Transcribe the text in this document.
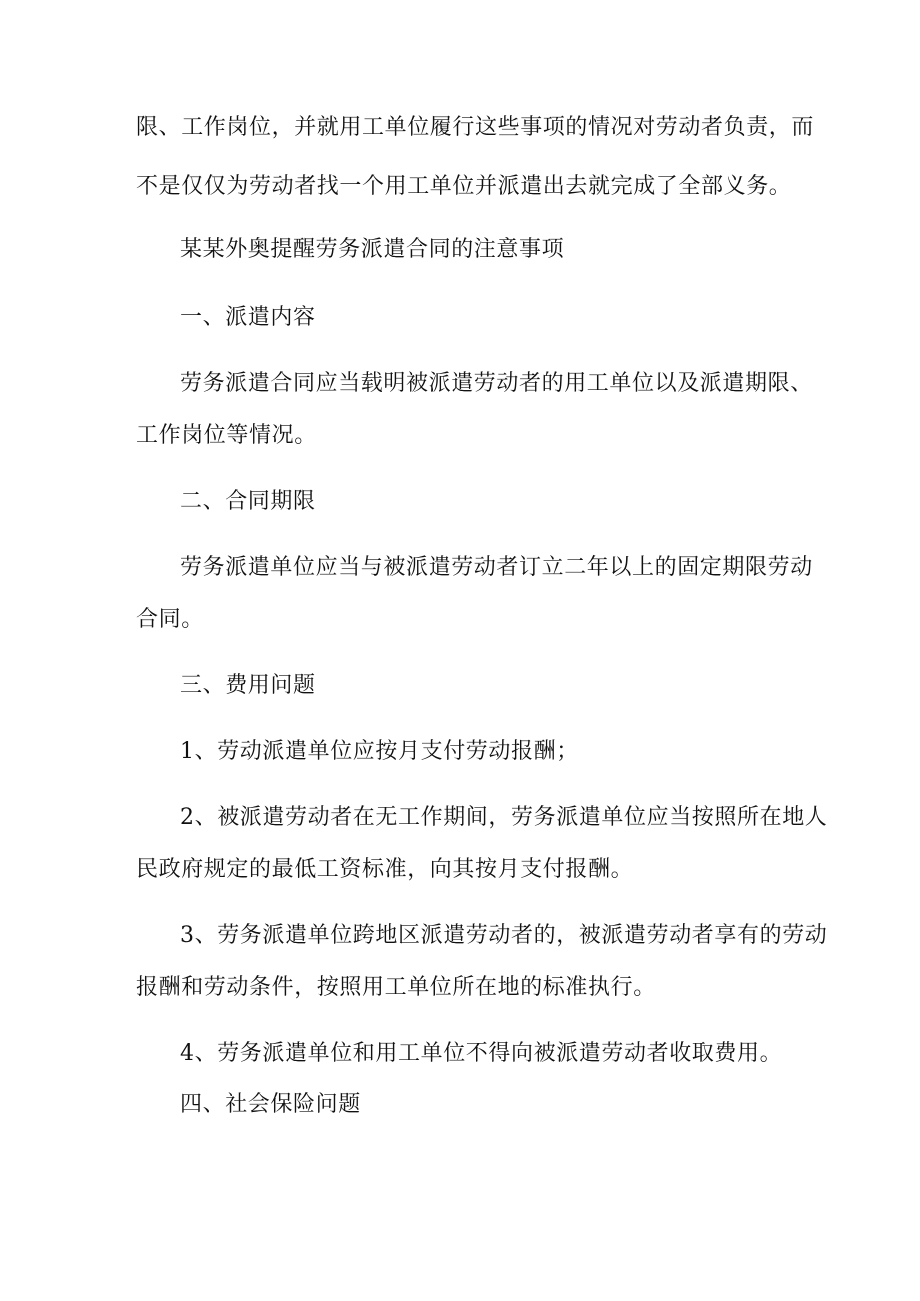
限、工作岗位，并就用工单位履行这些事项的情况对劳动者负责，而
不是仅仅为劳动者找一个用工单位并派遣出去就完成了全部义务。
某某外奥提醒劳务派遣合同的注意事项
一、派遣内容
劳务派遣合同应当载明被派遣劳动者的用工单位以及派遣期限、
工作岗位等情况。
二、合同期限
劳务派遣单位应当与被派遣劳动者订立二年以上的固定期限劳动
合同。
三、费用问题
1、劳动派遣单位应按月支付劳动报酬；
2、被派遣劳动者在无工作期间，劳务派遣单位应当按照所在地人
民政府规定的最低工资标准，向其按月支付报酬。
3、劳务派遣单位跨地区派遣劳动者的，被派遣劳动者享有的劳动
报酬和劳动条件，按照用工单位所在地的标准执行。
4、劳务派遣单位和用工单位不得向被派遣劳动者收取费用。
四、社会保险问题
